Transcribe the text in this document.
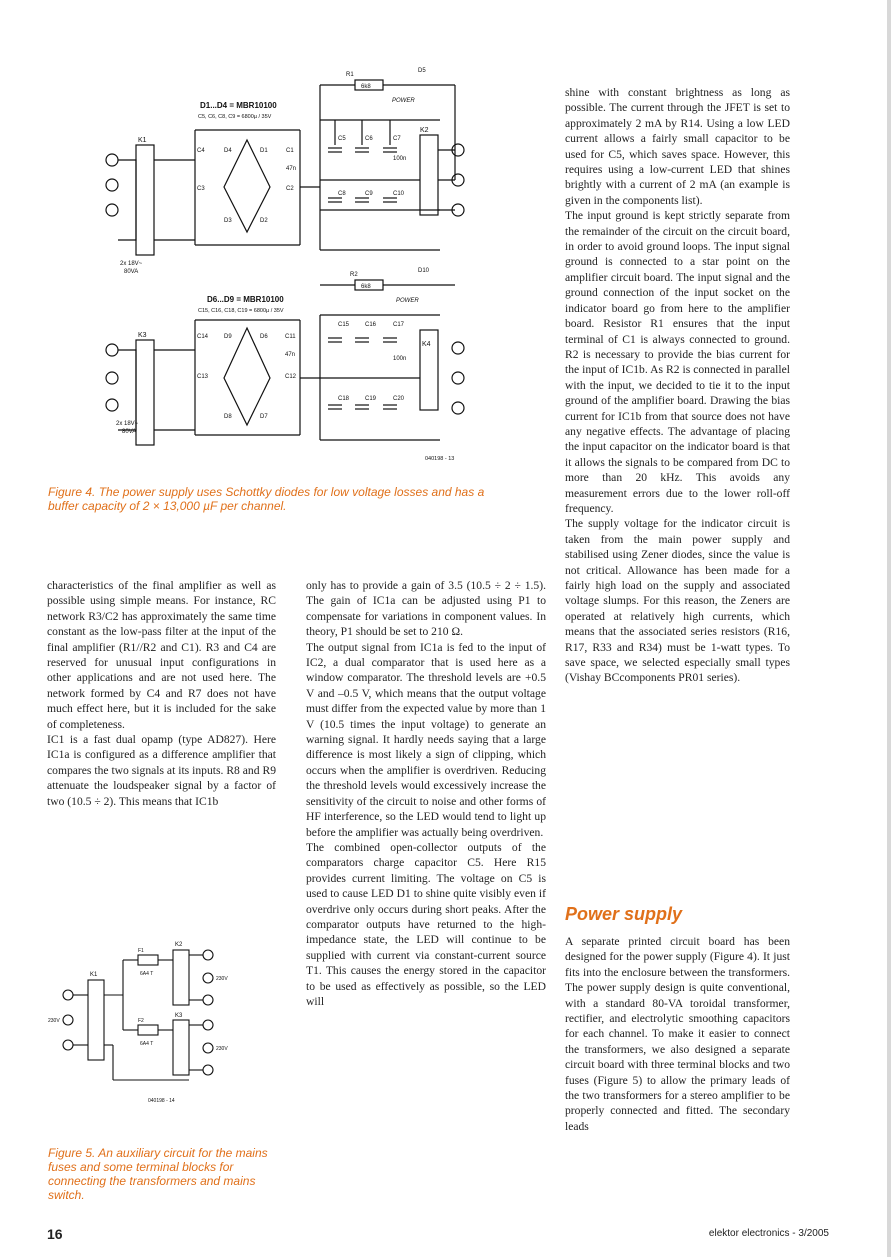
D1...D4 = MBR10100
C5, C6, C8, C9 = 6800µ / 35V
R1
6k8
D5
POWER
K1
K2
D1
D2
D3
D4	C1
C2
C3
C4
C5	C6	C7
C8	C9	C10
47n
100n
2x 18V~
80VA
D6...D9 = MBR10100
C15, C16, C18, C19 = 6800µ / 35V
R2
6k8
D10
POWER
K3
K4
D6
D7
D8
D9	C11
C12
C13
C14
C15	C16	C17
C18	C19	C20
47n
100n
2x 18V~
80VA
040198 - 13
Figure 4. The power supply uses Schottky diodes for low voltage losses and has a buffer capacity of 2 × 13,000 µF per channel.

characteristics of the final amplifier as well as possible using simple means. For instance, RC network R3/C2 has approximately the same time constant as the low-pass filter at the input of the final amplifier (R1//R2 and C1). R3 and C4 are reserved for unusual input configurations in other applications and are not used here. The network formed by C4 and R7 does not have much effect here, but it is included for the sake of completeness.

IC1 is a fast dual opamp (type AD827). Here IC1a is configured as a difference amplifier that compares the two signals at its inputs. R8 and R9 attenuate the loudspeaker signal by a factor of two (10.5 ÷ 2). This means that IC1b

only has to provide a gain of 3.5 (10.5 ÷ 2 ÷ 1.5). The gain of IC1a can be adjusted using P1 to compensate for variations in component values. In theory, P1 should be set to 210 Ω.

The output signal from IC1a is fed to the input of IC2, a dual comparator that is used here as a window comparator. The threshold levels are +0.5 V and –0.5 V, which means that the output voltage must differ from the expected value by more than 1 V (10.5 times the input voltage) to generate an warning signal. It hardly needs saying that a large difference is most likely a sign of clipping, which occurs when the amplifier is overdriven. Reducing the threshold levels would excessively increase the sensitivity of the circuit to noise and other forms of HF interference, so the LED would tend to light up before the amplifier was actually being overdriven.

The combined open-collector outputs of the comparators charge capacitor C5. Here R15 provides current limiting. The voltage on C5 is used to cause LED D1 to shine quite visibly even if overdrive only occurs during short peaks. After the comparator outputs have returned to the high-impedance state, the LED will continue to be supplied with current via constant-current source T1. This causes the energy stored in the capacitor to be used as effectively as possible, so the LED will

shine with constant brightness as long as possible. The current through the JFET is set to approximately 2 mA by R14. Using a low LED current allows a fairly small capacitor to be used for C5, which saves space. However, this requires using a low-current LED that shines brightly with a current of 2 mA (an example is given in the components list).

The input ground is kept strictly separate from the remainder of the circuit on the circuit board, in order to avoid ground loops. The input signal ground is connected to a star point on the amplifier circuit board. The input signal and the ground connection of the input socket on the indicator board go from here to the amplifier board. Resistor R1 ensures that the input terminal of C1 is always connected to ground. R2 is necessary to provide the bias current for the input of IC1b. As R2 is connected in parallel with the input, we decided to tie it to the input ground of the amplifier board. Drawing the bias current for IC1b from that source does not have any negative effects. The advantage of placing the input capacitor on the indicator board is that it allows the signals to be compared from DC to more than 20 kHz. This avoids any measurement errors due to the lower roll-off frequency.

The supply voltage for the indicator circuit is taken from the main power supply and stabilised using Zener diodes, since the value is not critical. Allowance has been made for a fairly high load on the supply and associated voltage slumps. For this reason, the Zeners are operated at relatively high currents, which means that the associated series resistors (R16, R17, R33 and R34) must be 1-watt types. To save space, we selected especially small types (Vishay BCcomponents PR01 series).

K1
K2
K3
F1
6A4 T
F2
6A4 T
230V
230V
230V
040198 - 14
Figure 5. An auxiliary circuit for the mains fuses and some terminal blocks for connecting the transformers and mains switch.
Power supply

A separate printed circuit board has been designed for the power supply (Figure 4). It just fits into the enclosure between the transformers. The power supply design is quite conventional, with a standard 80-VA toroidal transformer, rectifier, and electrolytic smoothing capacitors for each channel. To make it easier to connect the transformers, we also designed a separate circuit board with three terminal blocks and two fuses (Figure 5) to allow the primary leads of the two transformers for a stereo amplifier to be properly connected and fitted. The secondary leads

16	elektor electronics - 3/2005
